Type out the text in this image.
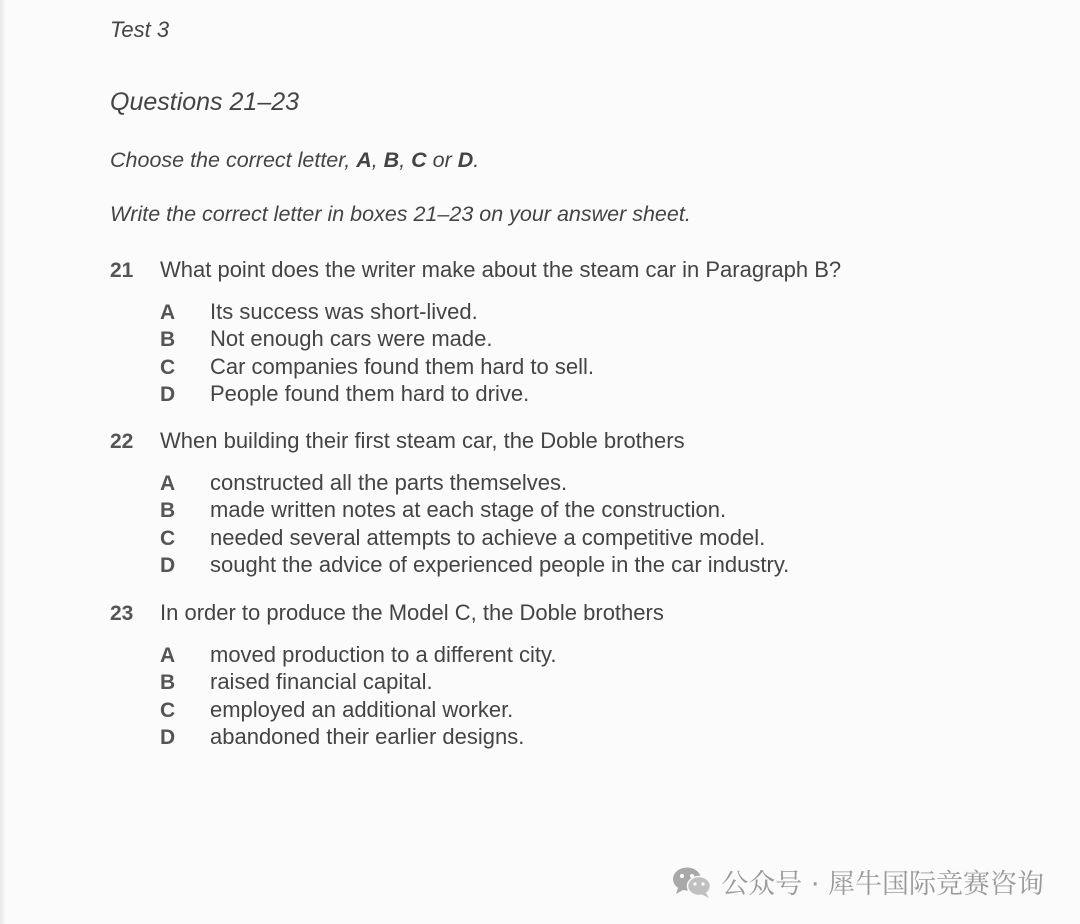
Test 3
Questions 21–23
Choose the correct letter, A, B, C or D.
Write the correct letter in boxes 21–23 on your answer sheet.
21	What point does the writer make about the steam car in Paragraph B?
A	Its success was short-lived.
B	Not enough cars were made.
C	Car companies found them hard to sell.
D	People found them hard to drive.
22	When building their first steam car, the Doble brothers
A	constructed all the parts themselves.
B	made written notes at each stage of the construction.
C	needed several attempts to achieve a competitive model.
D	sought the advice of experienced people in the car industry.
23	In order to produce the Model C, the Doble brothers
A	moved production to a different city.
B	raised financial capital.
C	employed an additional worker.
D	abandoned their earlier designs.
公众号 · 犀牛国际竞赛咨询
